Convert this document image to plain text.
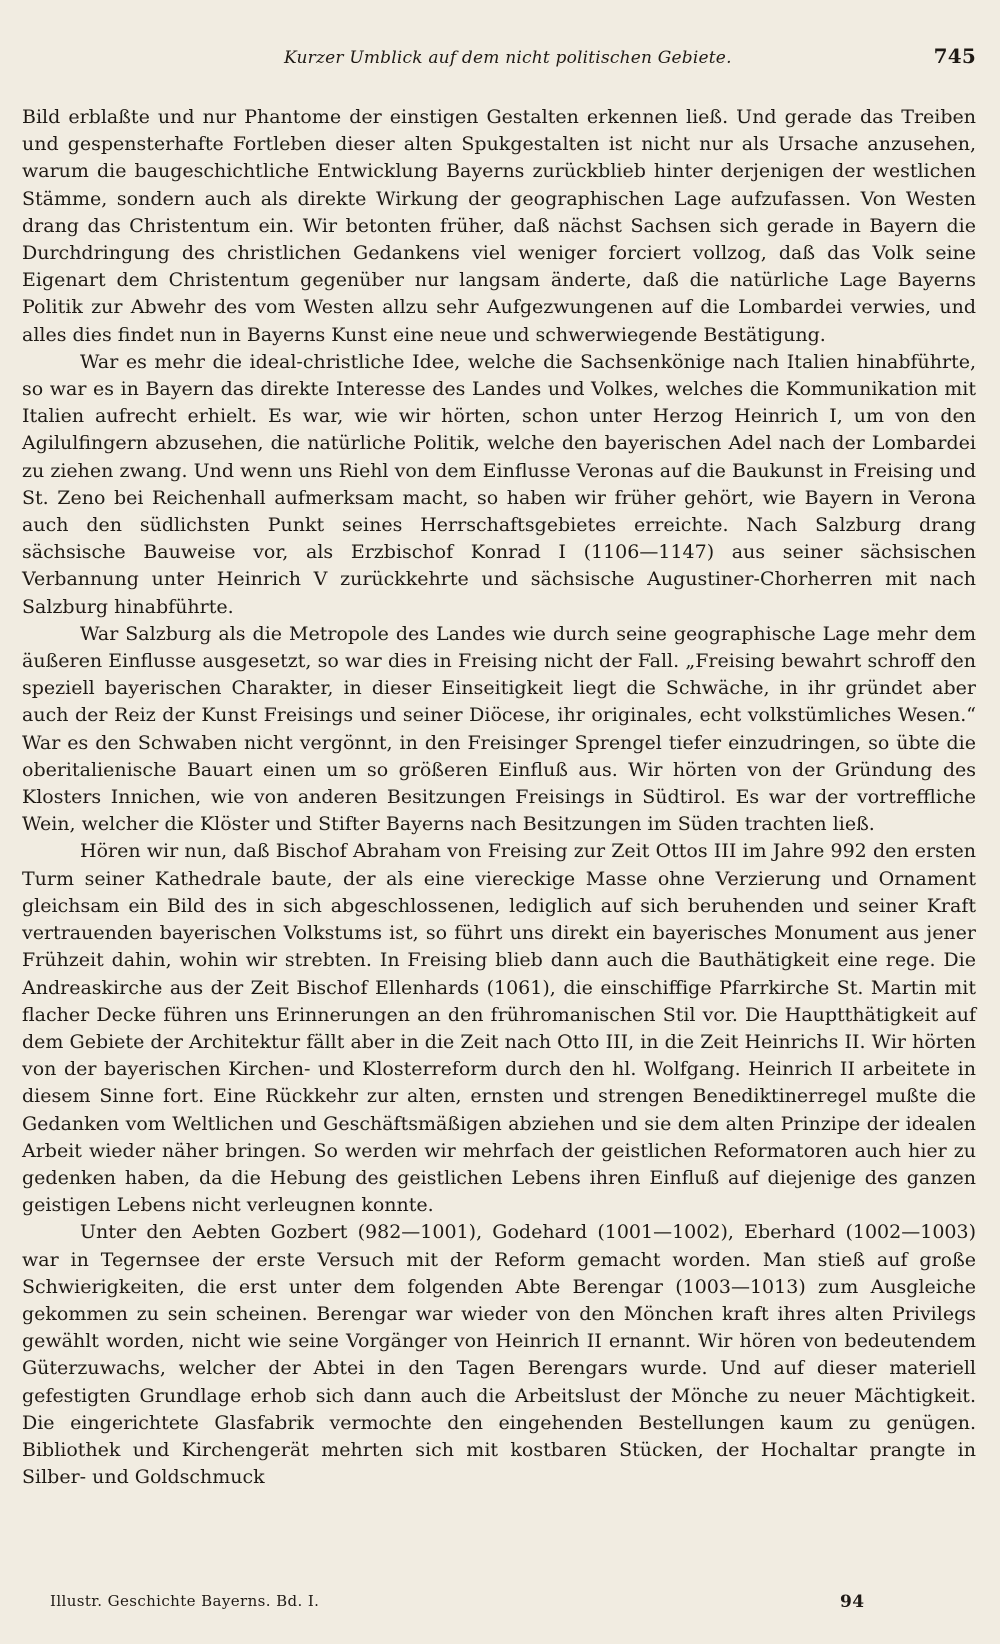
Kurzer Umblick auf dem nicht politischen Gebiete.	745

Bild erblaßte und nur Phantome der einstigen Gestalten erkennen ließ. Und gerade das Treiben und gespensterhafte Fortleben dieser alten Spukgestalten ist nicht nur als Ursache anzusehen, warum die baugeschichtliche Entwicklung Bayerns zurückblieb hinter derjenigen der westlichen Stämme, sondern auch als direkte Wirkung der geographischen Lage aufzufassen. Von Westen drang das Christentum ein. Wir betonten früher, daß nächst Sachsen sich gerade in Bayern die Durchdringung des christlichen Gedankens viel weniger forciert vollzog, daß das Volk seine Eigenart dem Christentum gegenüber nur langsam änderte, daß die natürliche Lage Bayerns Politik zur Abwehr des vom Westen allzu sehr Aufgezwungenen auf die Lombardei verwies, und alles dies findet nun in Bayerns Kunst eine neue und schwerwiegende Bestätigung.

War es mehr die ideal-christliche Idee, welche die Sachsenkönige nach Italien hinabführte, so war es in Bayern das direkte Interesse des Landes und Volkes, welches die Kommunikation mit Italien aufrecht erhielt. Es war, wie wir hörten, schon unter Herzog Heinrich I, um von den Agilulfingern abzusehen, die natürliche Politik, welche den bayerischen Adel nach der Lombardei zu ziehen zwang. Und wenn uns Riehl von dem Einflusse Veronas auf die Baukunst in Freising und St. Zeno bei Reichenhall aufmerksam macht, so haben wir früher gehört, wie Bayern in Verona auch den südlichsten Punkt seines Herrschaftsgebietes erreichte. Nach Salzburg drang sächsische Bauweise vor, als Erzbischof Konrad I (1106—1147) aus seiner sächsischen Verbannung unter Heinrich V zurückkehrte und sächsische Augustiner-Chorherren mit nach Salzburg hinabführte.

War Salzburg als die Metropole des Landes wie durch seine geographische Lage mehr dem äußeren Einflusse ausgesetzt, so war dies in Freising nicht der Fall. „Freising bewahrt schroff den speziell bayerischen Charakter, in dieser Einseitigkeit liegt die Schwäche, in ihr gründet aber auch der Reiz der Kunst Freisings und seiner Diöcese, ihr originales, echt volkstümliches Wesen.“ War es den Schwaben nicht vergönnt, in den Freisinger Sprengel tiefer einzudringen, so übte die oberitalienische Bauart einen um so größeren Einfluß aus. Wir hörten von der Gründung des Klosters Innichen, wie von anderen Besitzungen Freisings in Südtirol. Es war der vortreffliche Wein, welcher die Klöster und Stifter Bayerns nach Besitzungen im Süden trachten ließ.

Hören wir nun, daß Bischof Abraham von Freising zur Zeit Ottos III im Jahre 992 den ersten Turm seiner Kathedrale baute, der als eine viereckige Masse ohne Verzierung und Ornament gleichsam ein Bild des in sich abgeschlossenen, lediglich auf sich beruhenden und seiner Kraft vertrauenden bayerischen Volkstums ist, so führt uns direkt ein bayerisches Monument aus jener Frühzeit dahin, wohin wir strebten. In Freising blieb dann auch die Bauthätigkeit eine rege. Die Andreaskirche aus der Zeit Bischof Ellenhards (1061), die einschiffige Pfarrkirche St. Martin mit flacher Decke führen uns Erinnerungen an den frühromanischen Stil vor. Die Hauptthätigkeit auf dem Gebiete der Architektur fällt aber in die Zeit nach Otto III, in die Zeit Heinrichs II. Wir hörten von der bayerischen Kirchen- und Klosterreform durch den hl. Wolfgang. Heinrich II arbeitete in diesem Sinne fort. Eine Rückkehr zur alten, ernsten und strengen Benediktinerregel mußte die Gedanken vom Weltlichen und Geschäftsmäßigen abziehen und sie dem alten Prinzipe der idealen Arbeit wieder näher bringen. So werden wir mehrfach der geistlichen Reformatoren auch hier zu gedenken haben, da die Hebung des geistlichen Lebens ihren Einfluß auf diejenige des ganzen geistigen Lebens nicht verleugnen konnte.

Unter den Aebten Gozbert (982—1001), Godehard (1001—1002), Eberhard (1002—1003) war in Tegernsee der erste Versuch mit der Reform gemacht worden. Man stieß auf große Schwierigkeiten, die erst unter dem folgenden Abte Berengar (1003—1013) zum Ausgleiche gekommen zu sein scheinen. Berengar war wieder von den Mönchen kraft ihres alten Privilegs gewählt worden, nicht wie seine Vorgänger von Heinrich II ernannt. Wir hören von bedeutendem Güterzuwachs, welcher der Abtei in den Tagen Berengars wurde. Und auf dieser materiell gefestigten Grundlage erhob sich dann auch die Arbeitslust der Mönche zu neuer Mächtigkeit. Die eingerichtete Glasfabrik vermochte den eingehenden Bestellungen kaum zu genügen. Bibliothek und Kirchengerät mehrten sich mit kostbaren Stücken, der Hochaltar prangte in Silber- und Goldschmuck

Illustr. Geschichte Bayerns. Bd. I.	94
